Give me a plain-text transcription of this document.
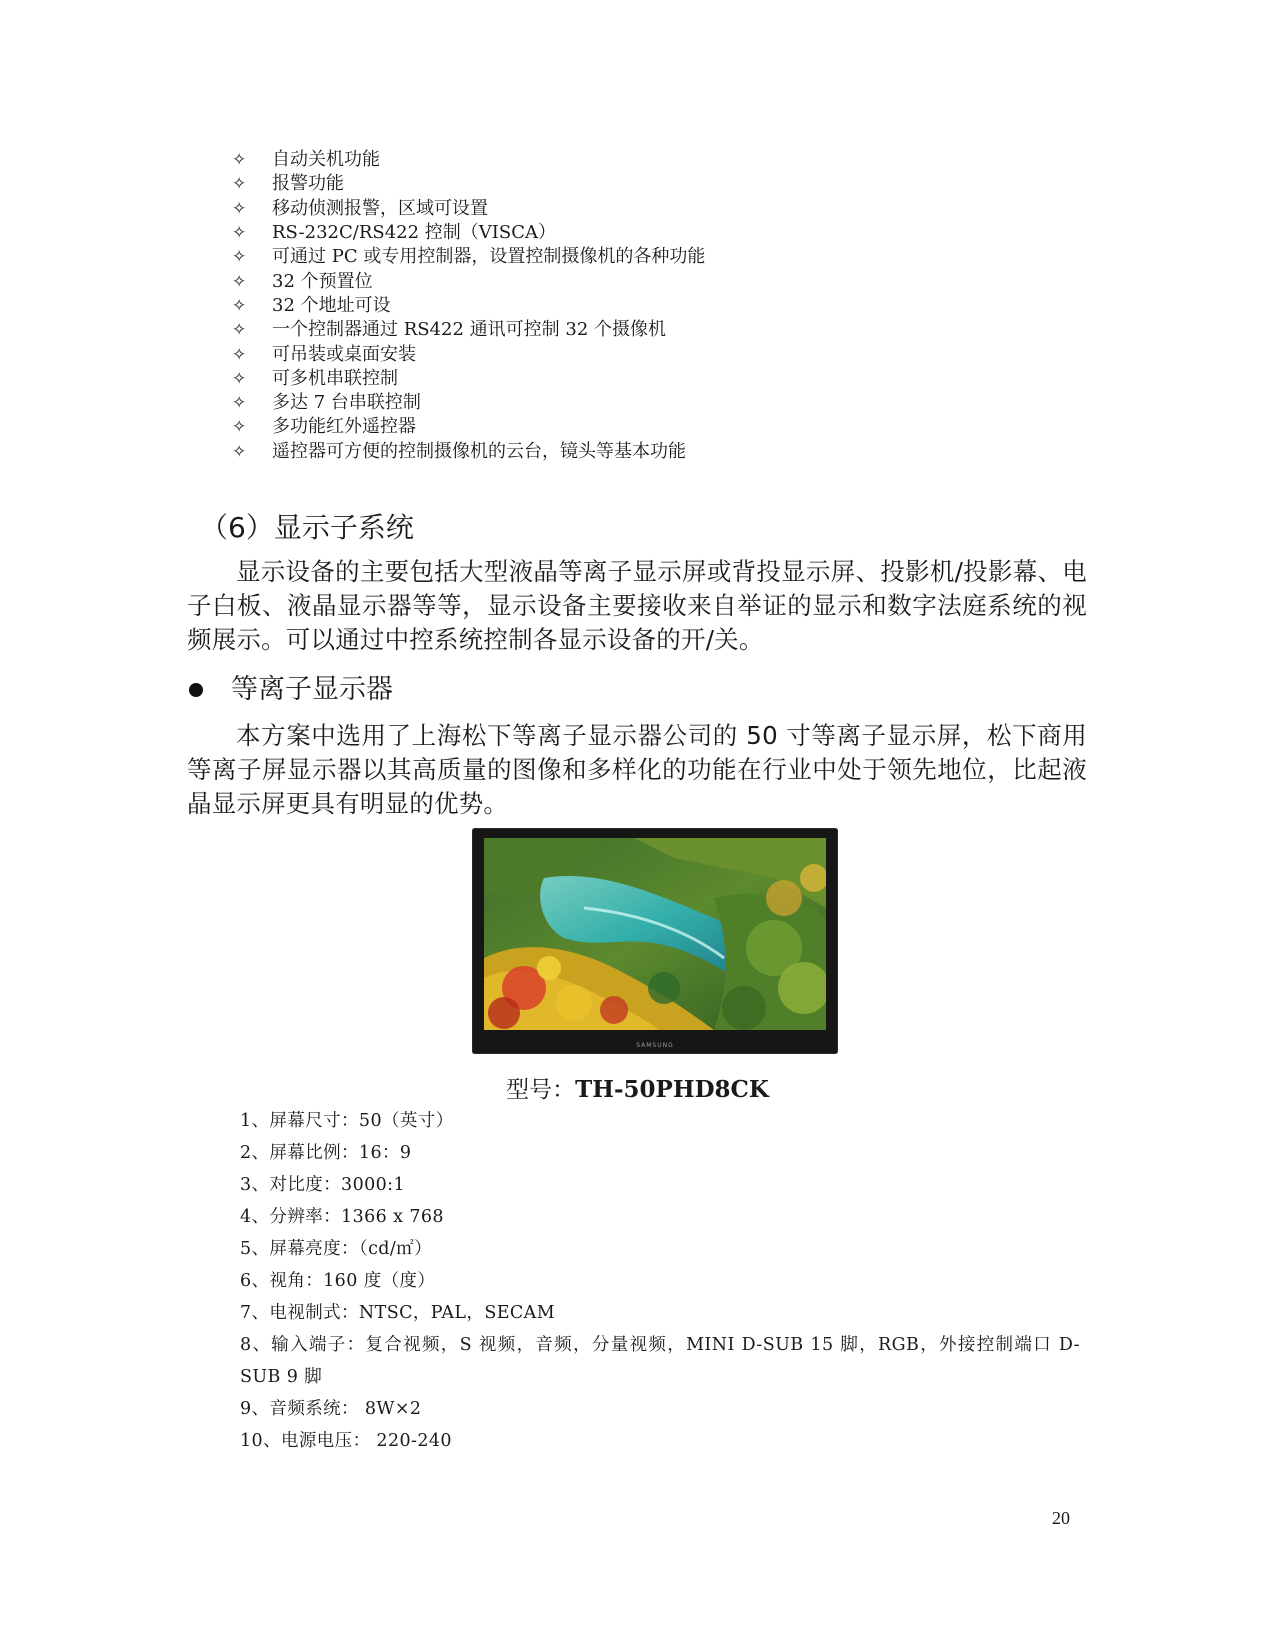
✧	自动关机功能
✧	报警功能
✧	移动侦测报警，区域可设置
✧	RS-232C/RS422 控制（VISCA）
✧	可通过 PC 或专用控制器，设置控制摄像机的各种功能
✧	32 个预置位
✧	32 个地址可设
✧	一个控制器通过 RS422 通讯可控制 32 个摄像机
✧	可吊装或桌面安装
✧	可多机串联控制
✧	多达 7 台串联控制
✧	多功能红外遥控器
✧	遥控器可方便的控制摄像机的云台，镜头等基本功能
（6）显示子系统
显示设备的主要包括大型液晶等离子显示屏或背投显示屏、投影机/投影幕、电子白板、液晶显示器等等，显示设备主要接收来自举证的显示和数字法庭系统的视频展示。可以通过中控系统控制各显示设备的开/关。
等离子显示器
本方案中选用了上海松下等离子显示器公司的 50 寸等离子显示屏，松下商用等离子屏显示器以其高质量的图像和多样化的功能在行业中处于领先地位，比起液晶显示屏更具有明显的优势。
SAMSUNG
型号：TH-50PHD8CK
1、屏幕尺寸：50（英寸）
2、屏幕比例：16：9
3、对比度：3000:1
4、分辨率：1366 x 768
5、屏幕亮度：（cd/㎡）
6、视角：160 度（度）
7、电视制式：NTSC，PAL，SECAM
8、输入端子：复合视频，S 视频，音频，分量视频，MINI D-SUB 15 脚，RGB，外接控制端口 D-SUB 9 脚
9、音频系统： 8W×2
10、电源电压： 220-240
20
